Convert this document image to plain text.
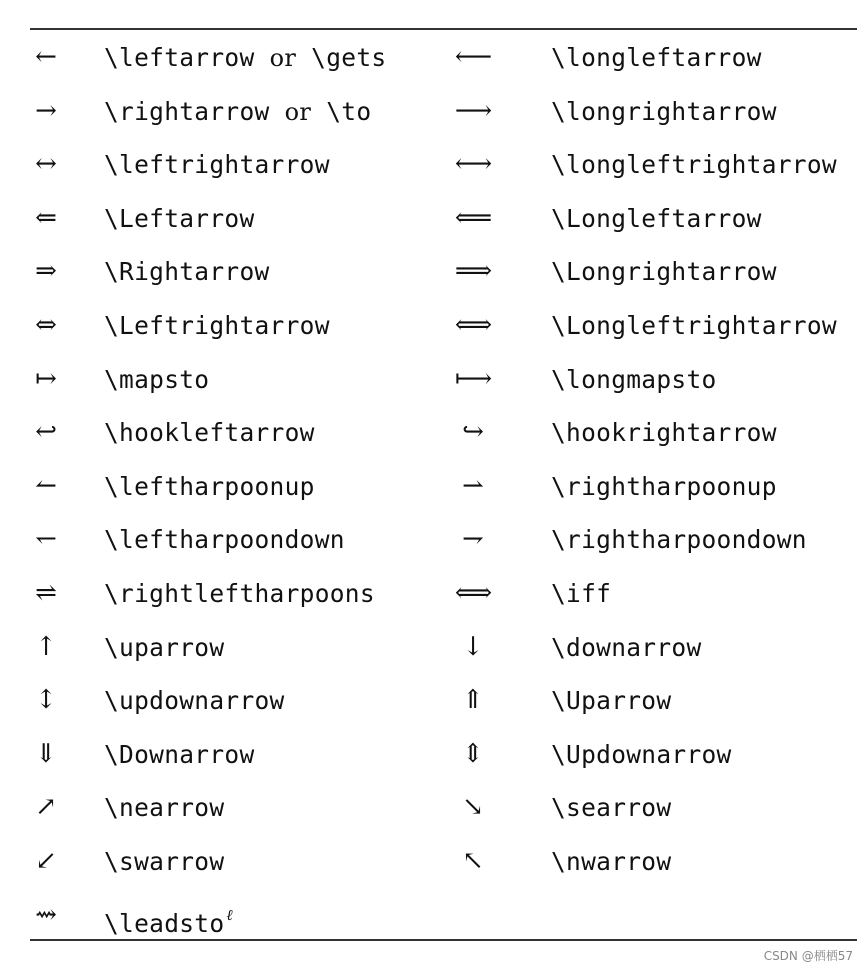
←	\leftarrow or \gets	⟵	\longleftarrow
→	\rightarrow or \to	⟶	\longrightarrow
↔	\leftrightarrow	⟷	\longleftrightarrow
⇐	\Leftarrow	⟸	\Longleftarrow
⇒	\Rightarrow	⟹	\Longrightarrow
⇔	\Leftrightarrow	⟺	\Longleftrightarrow
↦	\mapsto	⟼	\longmapsto
↩	\hookleftarrow	↪	\hookrightarrow
↼	\leftharpoonup	⇀	\rightharpoonup
↽	\leftharpoondown	⇁	\rightharpoondown
⇌	\rightleftharpoons	⟺	\iff
↑	\uparrow	↓	\downarrow
↕	\updownarrow	⇑	\Uparrow
⇓	\Downarrow	⇕	\Updownarrow
↗	\nearrow	↘	\searrow
↙	\swarrow	↖	\nwarrow
⇝	\leadsto $^\ell$
CSDN @栖栖57
